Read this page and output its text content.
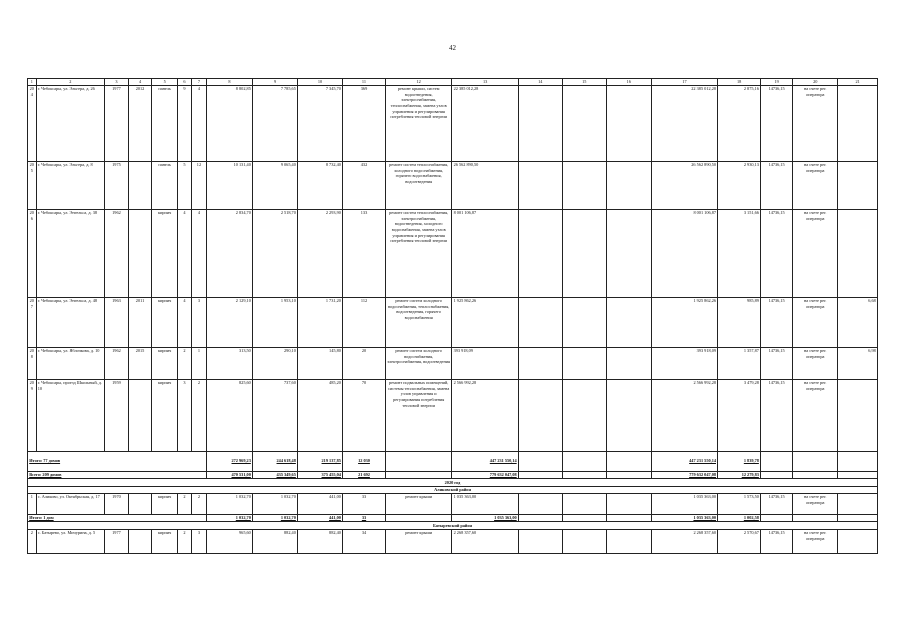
42
1	2	3	4	5	6	7	8	9	10	11	12	13	14	15	16	17	18	19	20	21
204	г. Чебоксары, ул. Эльгера, д. 26	1977	2012	панель	9	4	8 802,85	7 785,65	7 345,70	369	ремонт крыши, систем водоотведения, электроснабжения, теплоснабжения, замена узлов управления и регулирования потребления тепловой энергии	22 385 012,28				22 385 012,28	2 875,16	14736,15	на счете рег. оператора	
205	г. Чебоксары, ул. Эльгера, д. 8	1975		панель	5	12	10 131,40	9 065,40	8 732,40	432	ремонт систем теплоснабжения, холодного водоснабжения, горячего водоснабжения, водоотведения	26 562 890,50				26 562 890,50	2 930,13	14736,15	на счете рег. оператора	
206	г. Чебоксары, ул. Энгельса, д. 38	1962		кирпич	4	4	2 834,70	2 518,70	2 293,90	133	ремонт систем теплоснабжения, электроснабжения, водоотведения, холодного водоснабжения, замена узлов управления и регулирования потребления тепловой энергии	8 001 106,87				8 001 106,87	3 151,66	14736,15	на счете рег. оператора	
207	г. Чебоксары, ул. Энгельса, д. 48	1963	2011	кирпич	4	3	2 129,10	1 953,10	1 731,20	112	ремонт систем холодного водоснабжения, теплоснабжения, водоотведения, горячего водоснабжения	1 925 862,26				1 925 862,26	985,89	14736,15	на счете рег. оператора	6,68
208	г. Чебоксары, ул. Яблочкова, д. 10	1962	2015	кирпич	2	1	313,50	290,10	145,80	20	ремонт систем холодного водоснабжения, электроснабжения, водоотведения	393 918,09				393 918,09	1 357,87	14736,15	на счете рег. оператора	6,98
209	г. Чебоксары, проезд Школьный, д. 10	1959		кирпич	3	2	825,60	737,60	485,20	70	ремонт подвальных помещений, системы теплоснабжения, замена узлов управления и регулирования потребления тепловой энергии	2 566 992,28				2 566 992,28	3 479,28	14736,15	на счете рег. оператора	
Итого: 77 домов							272 969,23	244 618,48	219 137,85	12 030		447 231 550,14				447 231 550,14	1 839,78			
Всего: 209 домов							470 531,00	435 349,65	375 455,04	21 692		779 632 047,08				779 632 047,08	12 279,83			
2020 год																				
Аликовский район																				
1	с. Аликово, ул. Октябрьская, д. 17	1970		кирпич	2	2	1 032,70	1 032,70	441,00	33	ремонт крыши	1 035 363,00				1 035 363,00	1 573,50	14736,15	на счете рег. оператора	
Итого: 1 дом							1 032,70	1 032,70	441,00	33		1 035 363,00				1 035 363,00	1 002,58			
Батыревский район																				
2	с. Батырево, ул. Мичурина, д. 5	1977		кирпич	2	3	965,60	882,40	882,40	34	ремонт крыши	2 268 357,60				2 268 357,60	2 570,67	14736,15	на счете рег. оператора	
